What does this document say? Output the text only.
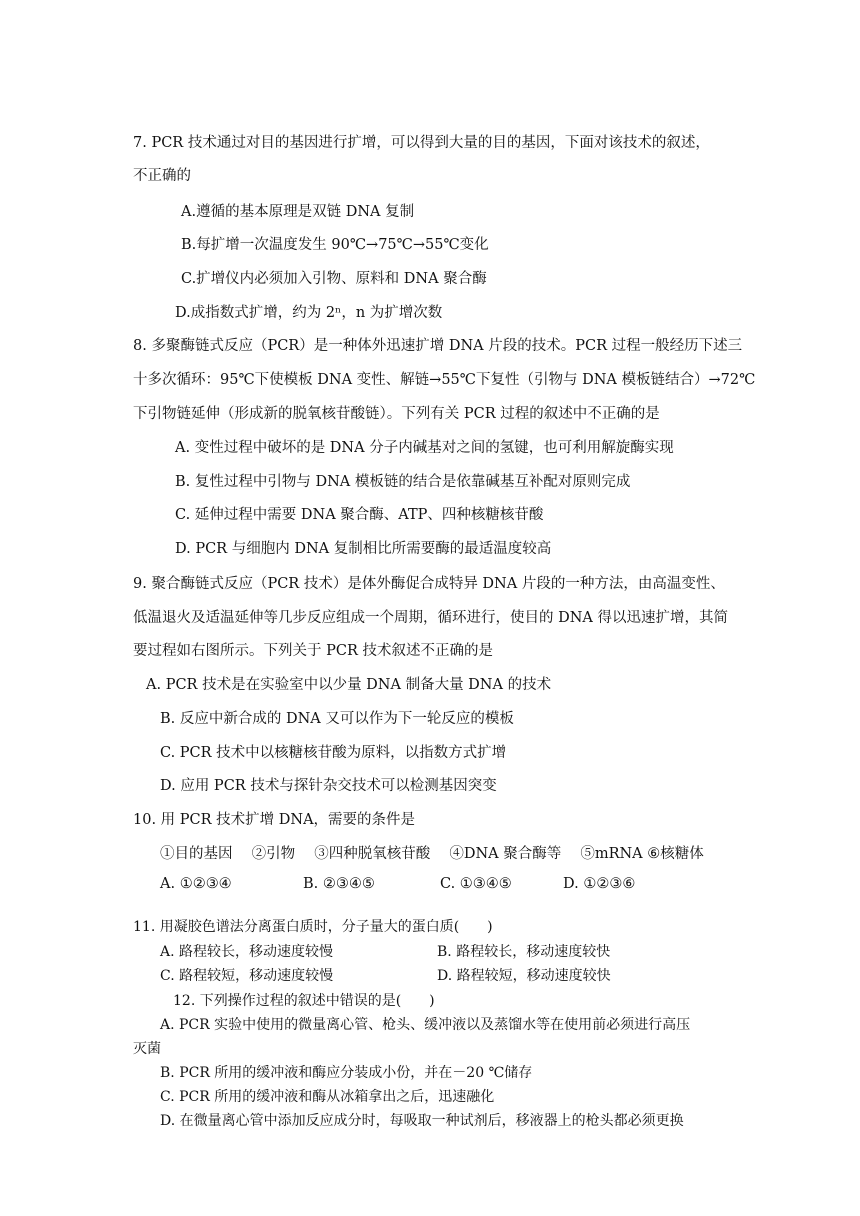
7. PCR 技术通过对目的基因进行扩增，可以得到大量的目的基因，下面对该技术的叙述，
不正确的
A.遵循的基本原理是双链 DNA 复制
B.每扩增一次温度发生 90℃→75℃→55℃变化
C.扩增仪内必须加入引物、原料和 DNA 聚合酶
D.成指数式扩增，约为 2ⁿ，n 为扩增次数
8. 多聚酶链式反应（PCR）是一种体外迅速扩增 DNA 片段的技术。PCR 过程一般经历下述三
十多次循环：95℃下使模板 DNA 变性、解链→55℃下复性（引物与 DNA 模板链结合）→72℃
下引物链延伸（形成新的脱氧核苷酸链）。下列有关 PCR 过程的叙述中不正确的是
A. 变性过程中破坏的是 DNA 分子内碱基对之间的氢键，也可利用解旋酶实现
B. 复性过程中引物与 DNA 模板链的结合是依靠碱基互补配对原则完成
C. 延伸过程中需要 DNA 聚合酶、ATP、四种核糖核苷酸
D. PCR 与细胞内 DNA 复制相比所需要酶的最适温度较高
9. 聚合酶链式反应（PCR 技术）是体外酶促合成特异 DNA 片段的一种方法，由高温变性、
低温退火及适温延伸等几步反应组成一个周期，循环进行，使目的 DNA 得以迅速扩增，其简
要过程如右图所示。下列关于 PCR 技术叙述不正确的是
A. PCR 技术是在实验室中以少量 DNA 制备大量 DNA 的技术
B. 反应中新合成的 DNA 又可以作为下一轮反应的模板
C. PCR 技术中以核糖核苷酸为原料，以指数方式扩增
D. 应用 PCR 技术与探针杂交技术可以检测基因突变
10. 用 PCR 技术扩增 DNA，需要的条件是
①目的基因　 ②引物　 ③四种脱氧核苷酸　 ④DNA 聚合酶等　 ⑤mRNA ⑥核糖体
A. ①②③④	B. ②③④⑤	C. ①③④⑤	D. ①②③⑥
11. 用凝胶色谱法分离蛋白质时，分子量大的蛋白质(　　)
A. 路程较长，移动速度较慢	B. 路程较长，移动速度较快
C. 路程较短，移动速度较慢	D. 路程较短，移动速度较快
12. 下列操作过程的叙述中错误的是(　　)
A. PCR 实验中使用的微量离心管、枪头、缓冲液以及蒸馏水等在使用前必须进行高压
灭菌
B. PCR 所用的缓冲液和酶应分装成小份，并在－20 ℃储存
C. PCR 所用的缓冲液和酶从冰箱拿出之后，迅速融化
D. 在微量离心管中添加反应成分时，每吸取一种试剂后，移液器上的枪头都必须更换
